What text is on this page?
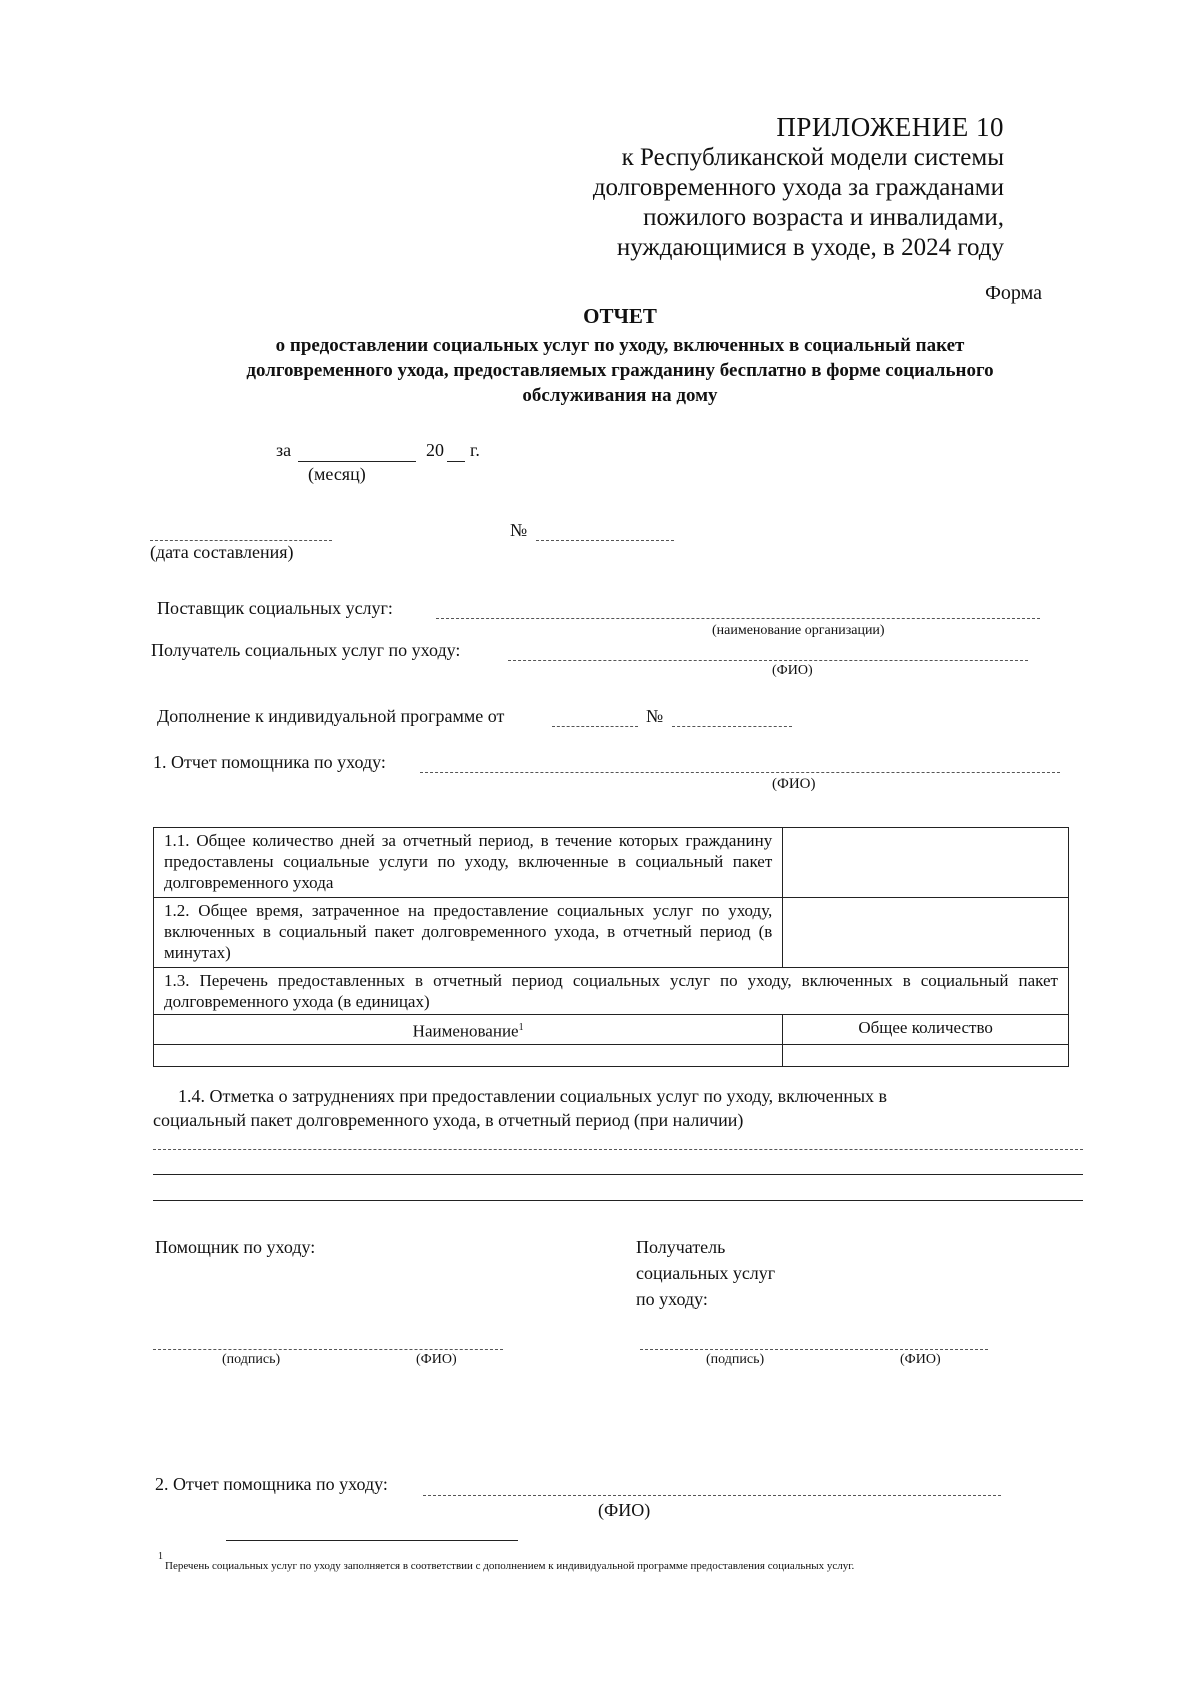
ПРИЛОЖЕНИЕ 10
к Республиканской модели системы
долговременного ухода за гражданами
пожилого возраста и инвалидами,
нуждающимися в уходе, в 2024 году
Форма
ОТЧЕТ
о предоставлении социальных услуг по уходу, включенных в социальный пакет
долговременного ухода, предоставляемых гражданину бесплатно в форме социального
обслуживания на дому
за	20 г.
(месяц)
(дата составления)
№
Поставщик социальных услуг:
(наименование организации)
Получатель социальных услуг по уходу:
(ФИО)
Дополнение к индивидуальной программе от	№
1. Отчет помощника по уходу:
(ФИО)
1.1. Общее количество дней за отчетный период, в течение которых гражданину предоставлены социальные услуги по уходу, включенные в социальный пакет долговременного ухода	
1.2. Общее время, затраченное на предоставление социальных услуг по уходу, включенных в социальный пакет долговременного ухода, в отчетный период (в минутах)	
1.3. Перечень предоставленных в отчетный период социальных услуг по уходу, включенных в социальный пакет долговременного ухода (в единицах)	
Наименование$^1$	Общее количество

1.4. Отметка о затруднениях при предоставлении социальных услуг по уходу, включенных в
социальный пакет долговременного ухода, в отчетный период (при наличии)
Помощник по уходу:	Получатель
социальных услуг
по уходу:
(подпись)	(ФИО)	(подпись)	(ФИО)
2. Отчет помощника по уходу:
(ФИО)
1
Перечень социальных услуг по уходу заполняется в соответствии с дополнением к индивидуальной программе предоставления социальных услуг.
